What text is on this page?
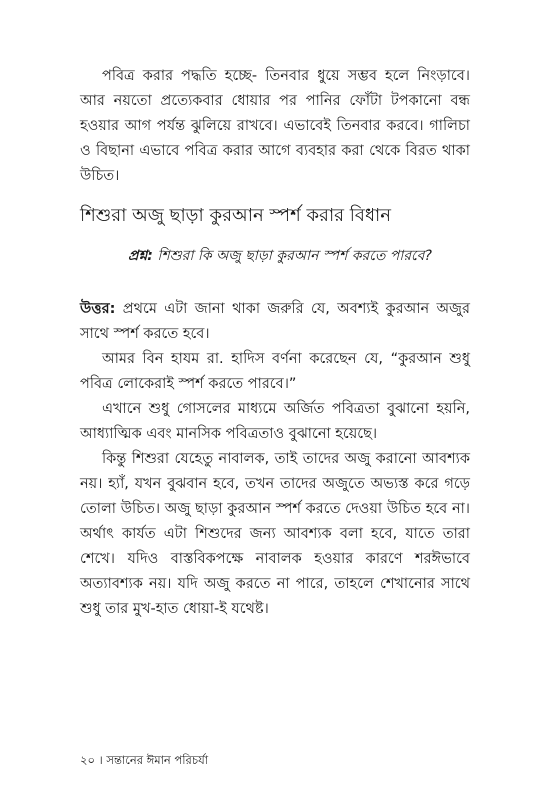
পবিত্র করার পদ্ধতি হচ্ছে- তিনবার ধুয়ে সম্ভব হলে নিংড়াবে। আর নয়তো প্রত্যেকবার ধোয়ার পর পানির ফোঁটা টপকানো বন্ধ হওয়ার আগ পর্যন্ত ঝুলিয়ে রাখবে। এভাবেই তিনবার করবে। গালিচা ও বিছানা এভাবে পবিত্র করার আগে ব্যবহার করা থেকে বিরত থাকা উচিত।

শিশুরা অজু ছাড়া কুরআন স্পর্শ করার বিধান

প্রশ্ন: শিশুরা কি অজু ছাড়া কুরআন স্পর্শ করতে পারবে?

উত্তর: প্রথমে এটা জানা থাকা জরুরি যে, অবশ্যই কুরআন অজুর সাথে স্পর্শ করতে হবে।

আমর বিন হাযম রা. হাদিস বর্ণনা করেছেন যে, “কুরআন শুধু পবিত্র লোকেরাই স্পর্শ করতে পারবে।”

এখানে শুধু গোসলের মাধ্যমে অর্জিত পবিত্রতা বুঝানো হয়নি, আধ্যাত্মিক এবং মানসিক পবিত্রতাও বুঝানো হয়েছে।

কিন্তু শিশুরা যেহেতু নাবালক, তাই তাদের অজু করানো আবশ্যক নয়। হ্যাঁ, যখন বুঝবান হবে, তখন তাদের অজুতে অভ্যস্ত করে গড়ে তোলা উচিত। অজু ছাড়া কুরআন স্পর্শ করতে দেওয়া উচিত হবে না। অর্থাৎ কার্যত এটা শিশুদের জন্য আবশ্যক বলা হবে, যাতে তারা শেখে। যদিও বাস্তবিকপক্ষে নাবালক হওয়ার কারণে শরঈভাবে অত্যাবশ্যক নয়। যদি অজু করতে না পারে, তাহলে শেখানোর সাথে শুধু তার মুখ-হাত ধোয়া-ই যথেষ্ট।

২০ । সন্তানের ঈমান পরিচর্যা
